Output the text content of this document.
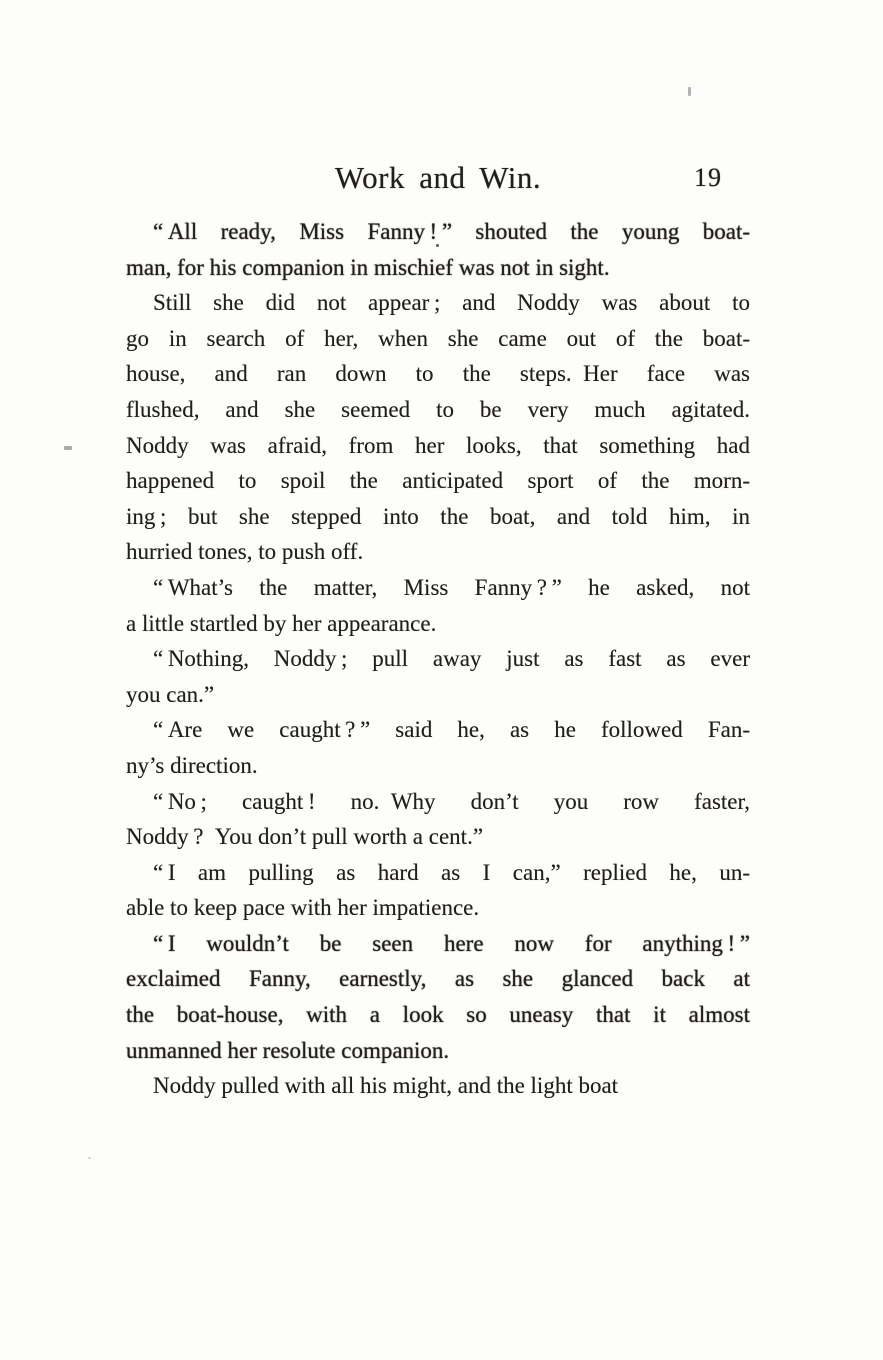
Work and Win.	19
“ All ready, Miss Fanny ! ” shouted the young boat-
man, for his companion in mischief was not in sight.
Still she did not appear ; and Noddy was about to
go in search of her, when she came out of the boat-
house, and ran down to the steps. Her face was
flushed, and she seemed to be very much agitated.
Noddy was afraid, from her looks, that something had
happened to spoil the anticipated sport of the morn-
ing ; but she stepped into the boat, and told him, in
hurried tones, to push off.
“ What’s the matter, Miss Fanny ? ” he asked, not
a little startled by her appearance.
“ Nothing, Noddy ; pull away just as fast as ever
you can.”
“ Are we caught ? ” said he, as he followed Fan-
ny’s direction.
“ No ; caught ! no. Why don’t you row faster,
Noddy ? You don’t pull worth a cent.”
“ I am pulling as hard as I can,” replied he, un-
able to keep pace with her impatience.
“ I wouldn’t be seen here now for anything ! ”
exclaimed Fanny, earnestly, as she glanced back at
the boat-house, with a look so uneasy that it almost
unmanned her resolute companion.
Noddy pulled with all his might, and the light boat
